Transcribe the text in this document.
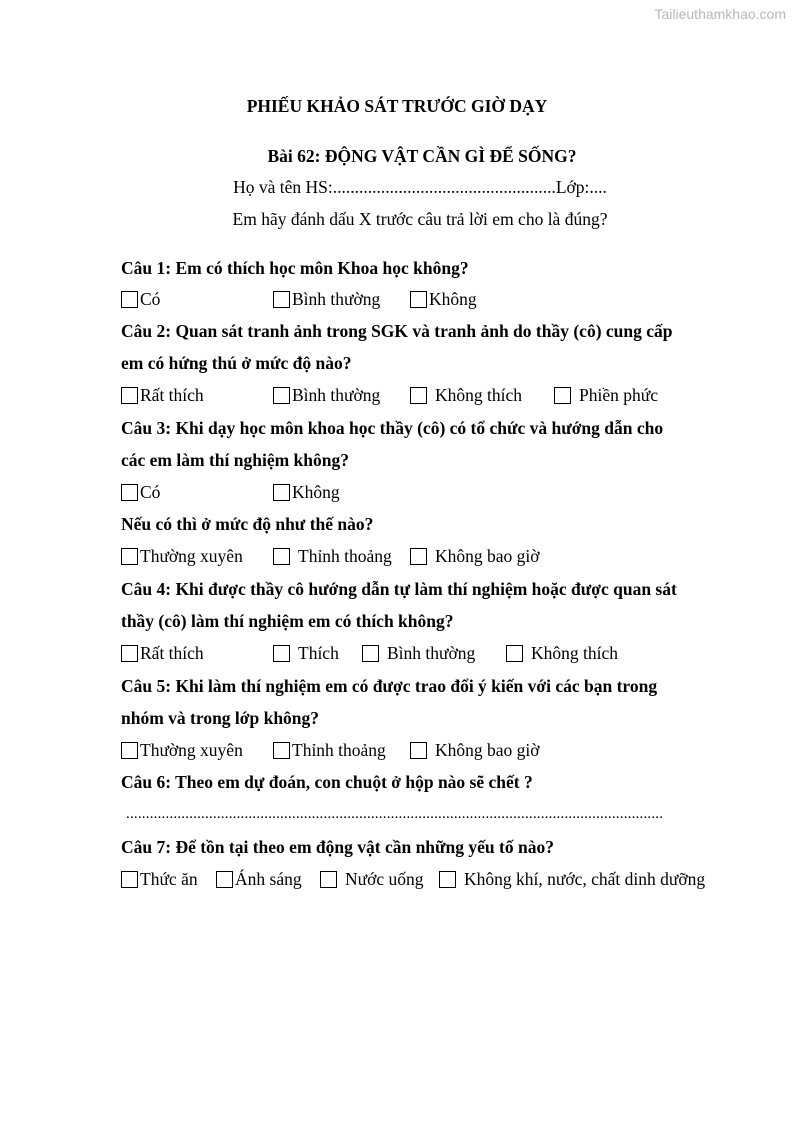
Tailieuthamkhao.com
PHIẾU KHẢO SÁT TRƯỚC GIỜ DẠY
Bài 62: ĐỘNG VẬT CẦN GÌ ĐỂ SỐNG?
Họ và tên HS:...................................................Lớp:....
Em hãy đánh dấu X trước câu trả lời em cho là đúng?
Câu 1: Em có thích học môn Khoa học không?
Có	Bình thường	Không
Câu 2: Quan sát tranh ảnh trong SGK và tranh ảnh do thầy (cô) cung cấp
em có hứng thú ở mức độ nào?
Rất thích	Bình thường	Không thích	Phiền phức
Câu 3: Khi dạy học môn khoa học thầy (cô) có tổ chức và hướng dẫn cho
các em làm thí nghiệm không?
Có	Không
Nếu có thì ở mức độ như thế nào?
Thường xuyên	Thỉnh thoảng Không bao giờ
Câu 4: Khi được thầy cô hướng dẫn tự làm thí nghiệm hoặc được quan sát
thầy (cô) làm thí nghiệm em có thích không?
Rất thích	Thích	Bình thường	Không thích
Câu 5: Khi làm thí nghiệm em có được trao đổi ý kiến với các bạn trong
nhóm và trong lớp không?
Thường xuyên	Thỉnh thoảng	Không bao giờ
Câu 6: Theo em dự đoán, con chuột ở hộp nào sẽ chết ?
........................................................................................................................................
Câu 7: Để tồn tại theo em động vật cần những yếu tố nào?
Thức ăn Ánh sáng Nước uống Không khí, nước, chất dinh dưỡng
